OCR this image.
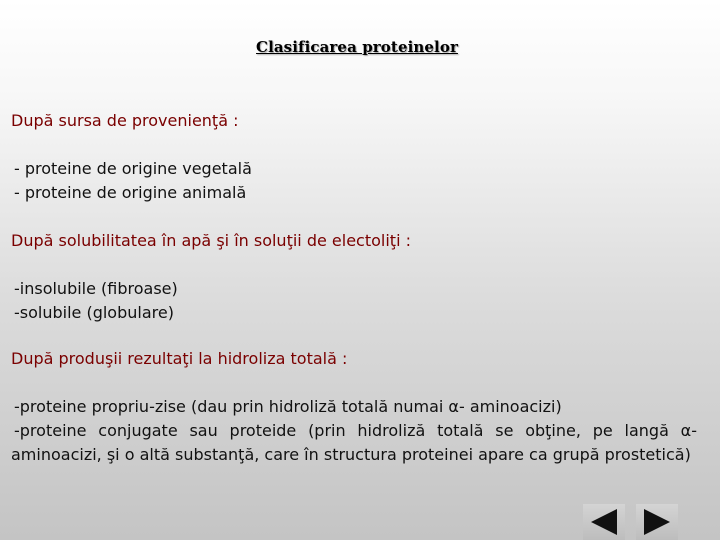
Clasificarea proteinelor
După sursa de provenienţă :
- proteine de origine vegetală
- proteine de origine animală
După solubilitatea în apă şi în soluţii de electoliţi :
-insolubile (fibroase)
-solubile (globulare)
După produşii rezultaţi la hidroliza totală :
-proteine propriu-zise (dau prin hidroliză totală numai α- aminoacizi)
-proteine conjugate sau proteide (prin hidroliză totală se obţine, pe langă α- aminoacizi, şi o altă substanţă, care în structura proteinei apare ca grupă prostetică)
